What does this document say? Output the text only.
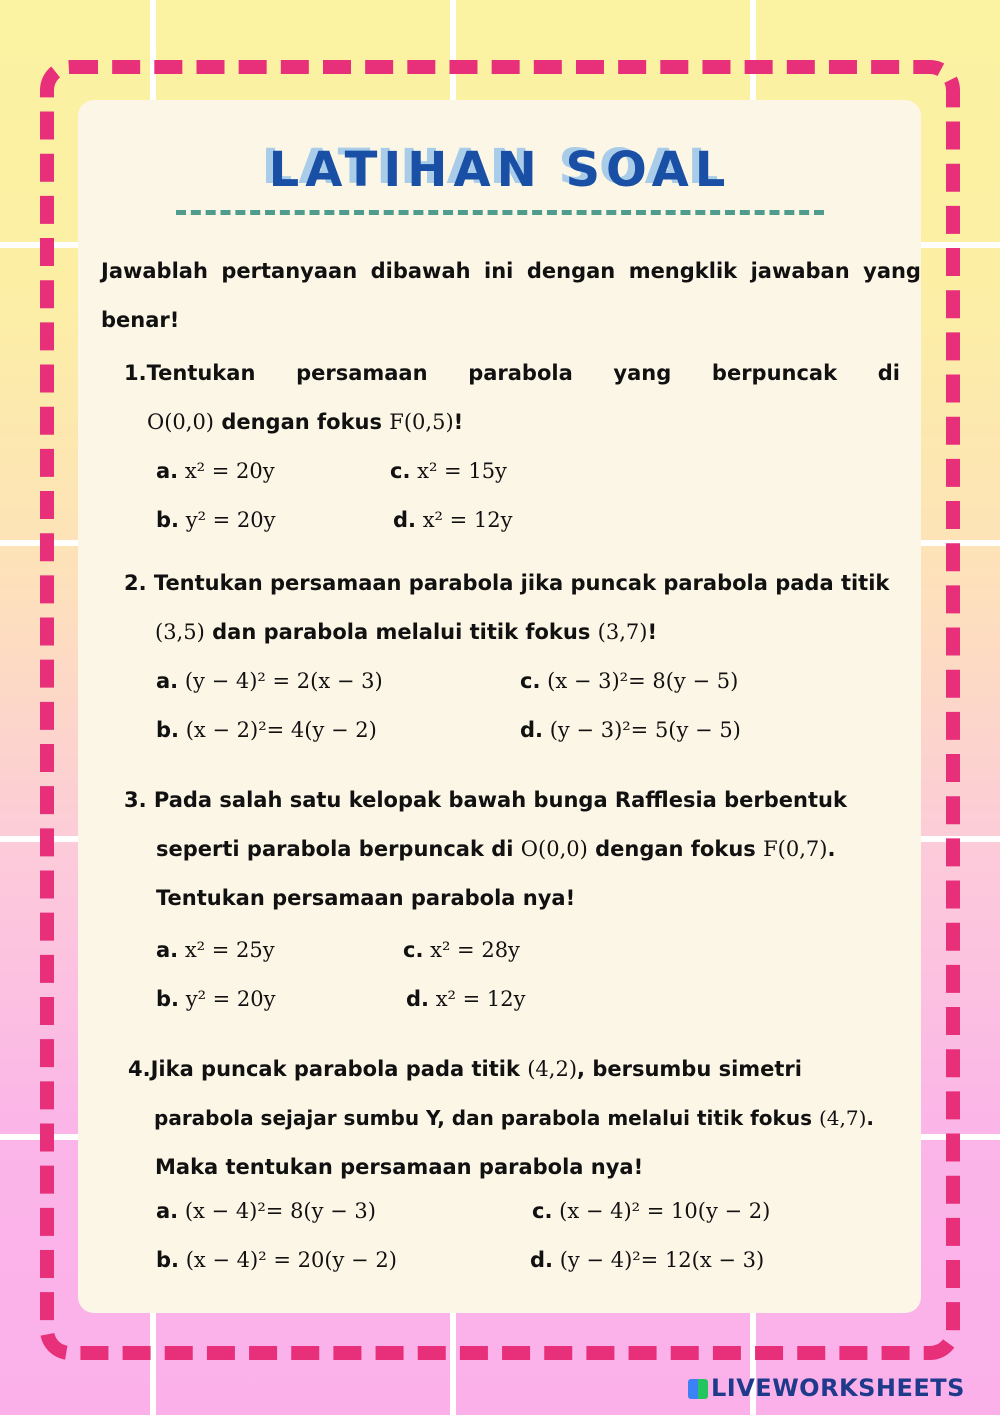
LATIHAN SOAL
Jawablah pertanyaan dibawah ini dengan mengklik jawaban yang
benar!
1.Tentukan persamaan parabola yang berpuncak di
O(0,0) dengan fokus F(0,5)!
a. x² = 20y	c. x² = 15y
b. y² = 20y	d. x² = 12y
2. Tentukan persamaan parabola jika puncak parabola pada titik
(3,5) dan parabola melalui titik fokus (3,7)!
a. (y − 4)² = 2(x − 3)	c. (x − 3)²= 8(y − 5)
b. (x − 2)²= 4(y − 2)	d. (y − 3)²= 5(y − 5)
3. Pada salah satu kelopak bawah bunga Rafflesia berbentuk
seperti parabola berpuncak di O(0,0) dengan fokus F(0,7).
Tentukan persamaan parabola nya!
a. x² = 25y	c. x² = 28y
b. y² = 20y	d. x² = 12y
4.Jika puncak parabola pada titik (4,2), bersumbu simetri
parabola sejajar sumbu Y, dan parabola melalui titik fokus (4,7).
Maka tentukan persamaan parabola nya!
a. (x − 4)²= 8(y − 3)	c. (x − 4)² = 10(y − 2)
b. (x − 4)² = 20(y − 2)	d. (y − 4)²= 12(x − 3)
LIVEWORKSHEETS
